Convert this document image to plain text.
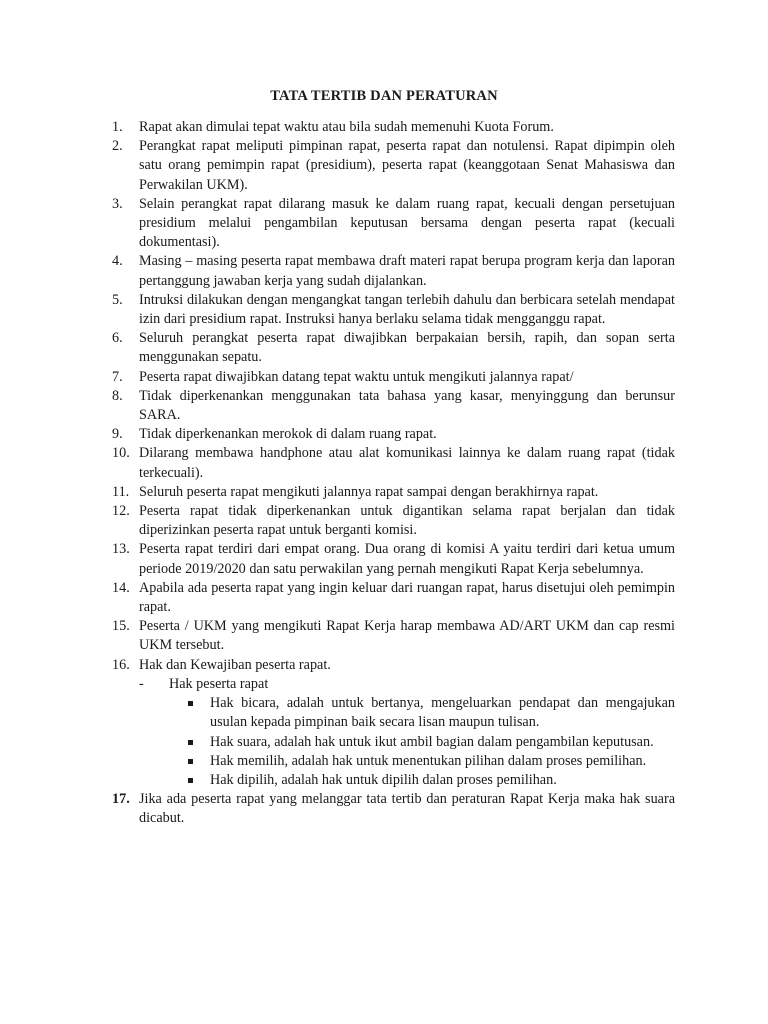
TATA TERTIB DAN PERATURAN
1. Rapat akan dimulai tepat waktu atau bila sudah memenuhi Kuota Forum.
2. Perangkat rapat meliputi pimpinan rapat, peserta rapat dan notulensi. Rapat dipimpin oleh satu orang pemimpin rapat (presidium), peserta rapat (keanggotaan Senat Mahasiswa dan Perwakilan UKM).
3. Selain perangkat rapat dilarang masuk ke dalam ruang rapat, kecuali dengan persetujuan presidium melalui pengambilan keputusan bersama dengan peserta rapat (kecuali dokumentasi).
4. Masing – masing peserta rapat membawa draft materi rapat berupa program kerja dan laporan pertanggung jawaban kerja yang sudah dijalankan.
5. Intruksi dilakukan dengan mengangkat tangan terlebih dahulu dan berbicara setelah mendapat izin dari presidium rapat. Instruksi hanya berlaku selama tidak mengganggu rapat.
6. Seluruh perangkat peserta rapat diwajibkan berpakaian bersih, rapih, dan sopan serta menggunakan sepatu.
7. Peserta rapat diwajibkan datang tepat waktu untuk mengikuti jalannya rapat/
8. Tidak diperkenankan menggunakan tata bahasa yang kasar, menyinggung dan berunsur SARA.
9. Tidak diperkenankan merokok di dalam ruang rapat.
10. Dilarang membawa handphone atau alat komunikasi lainnya ke dalam ruang rapat (tidak terkecuali).
11. Seluruh peserta rapat mengikuti jalannya rapat sampai dengan berakhirnya rapat.
12. Peserta rapat tidak diperkenankan untuk digantikan selama rapat berjalan dan tidak diperizinkan peserta rapat untuk berganti komisi.
13. Peserta rapat terdiri dari empat orang. Dua orang di komisi A yaitu terdiri dari ketua umum periode 2019/2020 dan satu perwakilan yang pernah mengikuti Rapat Kerja sebelumnya.
14. Apabila ada peserta rapat yang ingin keluar dari ruangan rapat, harus disetujui oleh pemimpin rapat.
15. Peserta / UKM yang mengikuti Rapat Kerja harap membawa AD/ART UKM dan cap resmi UKM tersebut.
16. Hak dan Kewajiban peserta rapat.
- Hak peserta rapat
Hak bicara, adalah untuk bertanya, mengeluarkan pendapat dan mengajukan usulan kepada pimpinan baik secara lisan maupun tulisan.
Hak suara, adalah hak untuk ikut ambil bagian dalam pengambilan keputusan.
Hak memilih, adalah hak untuk menentukan pilihan dalam proses pemilihan.
Hak dipilih, adalah hak untuk dipilih dalan proses pemilihan.
17. Jika ada peserta rapat yang melanggar tata tertib dan peraturan Rapat Kerja maka hak suara dicabut.
